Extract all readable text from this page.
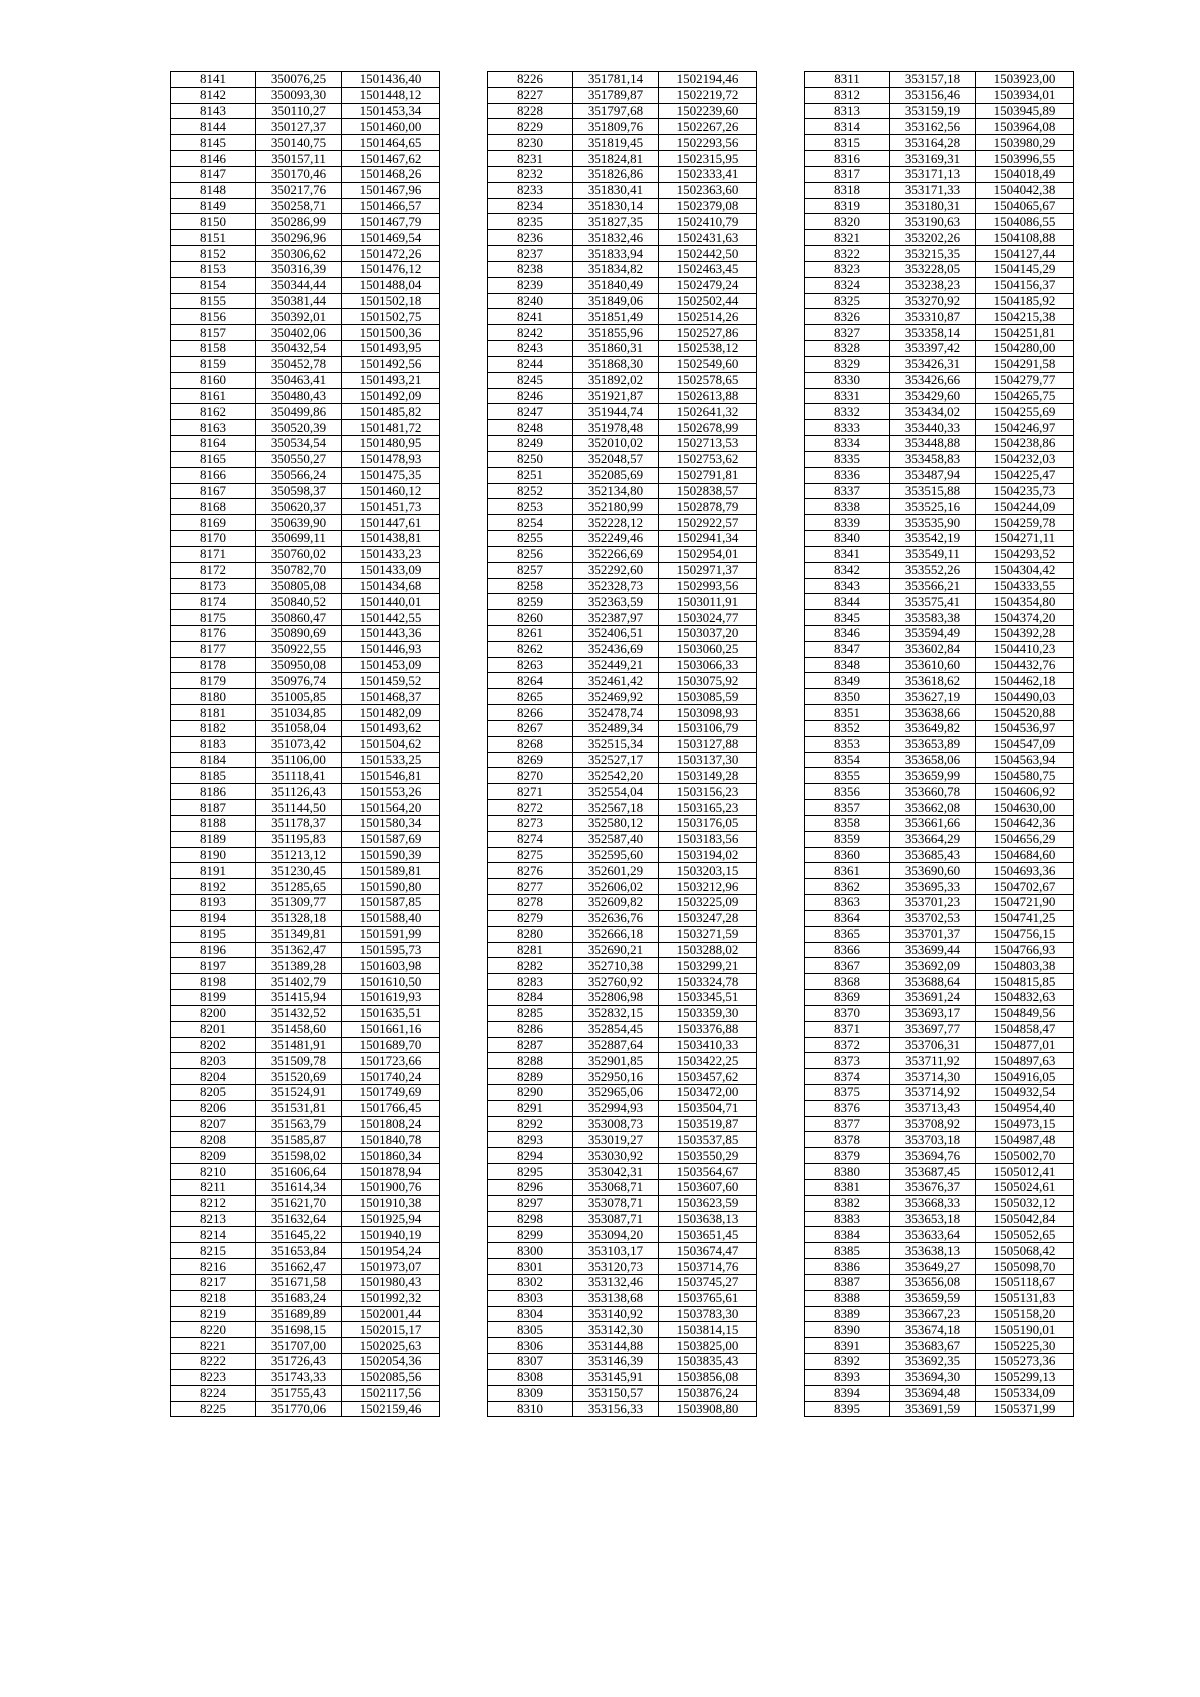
8141	350076,25	1501436,40
8142	350093,30	1501448,12
8143	350110,27	1501453,34
8144	350127,37	1501460,00
8145	350140,75	1501464,65
8146	350157,11	1501467,62
8147	350170,46	1501468,26
8148	350217,76	1501467,96
8149	350258,71	1501466,57
8150	350286,99	1501467,79
8151	350296,96	1501469,54
8152	350306,62	1501472,26
8153	350316,39	1501476,12
8154	350344,44	1501488,04
8155	350381,44	1501502,18
8156	350392,01	1501502,75
8157	350402,06	1501500,36
8158	350432,54	1501493,95
8159	350452,78	1501492,56
8160	350463,41	1501493,21
8161	350480,43	1501492,09
8162	350499,86	1501485,82
8163	350520,39	1501481,72
8164	350534,54	1501480,95
8165	350550,27	1501478,93
8166	350566,24	1501475,35
8167	350598,37	1501460,12
8168	350620,37	1501451,73
8169	350639,90	1501447,61
8170	350699,11	1501438,81
8171	350760,02	1501433,23
8172	350782,70	1501433,09
8173	350805,08	1501434,68
8174	350840,52	1501440,01
8175	350860,47	1501442,55
8176	350890,69	1501443,36
8177	350922,55	1501446,93
8178	350950,08	1501453,09
8179	350976,74	1501459,52
8180	351005,85	1501468,37
8181	351034,85	1501482,09
8182	351058,04	1501493,62
8183	351073,42	1501504,62
8184	351106,00	1501533,25
8185	351118,41	1501546,81
8186	351126,43	1501553,26
8187	351144,50	1501564,20
8188	351178,37	1501580,34
8189	351195,83	1501587,69
8190	351213,12	1501590,39
8191	351230,45	1501589,81
8192	351285,65	1501590,80
8193	351309,77	1501587,85
8194	351328,18	1501588,40
8195	351349,81	1501591,99
8196	351362,47	1501595,73
8197	351389,28	1501603,98
8198	351402,79	1501610,50
8199	351415,94	1501619,93
8200	351432,52	1501635,51
8201	351458,60	1501661,16
8202	351481,91	1501689,70
8203	351509,78	1501723,66
8204	351520,69	1501740,24
8205	351524,91	1501749,69
8206	351531,81	1501766,45
8207	351563,79	1501808,24
8208	351585,87	1501840,78
8209	351598,02	1501860,34
8210	351606,64	1501878,94
8211	351614,34	1501900,76
8212	351621,70	1501910,38
8213	351632,64	1501925,94
8214	351645,22	1501940,19
8215	351653,84	1501954,24
8216	351662,47	1501973,07
8217	351671,58	1501980,43
8218	351683,24	1501992,32
8219	351689,89	1502001,44
8220	351698,15	1502015,17
8221	351707,00	1502025,63
8222	351726,43	1502054,36
8223	351743,33	1502085,56
8224	351755,43	1502117,56
8225	351770,06	1502159,46
8226	351781,14	1502194,46
8227	351789,87	1502219,72
8228	351797,68	1502239,60
8229	351809,76	1502267,26
8230	351819,45	1502293,56
8231	351824,81	1502315,95
8232	351826,86	1502333,41
8233	351830,41	1502363,60
8234	351830,14	1502379,08
8235	351827,35	1502410,79
8236	351832,46	1502431,63
8237	351833,94	1502442,50
8238	351834,82	1502463,45
8239	351840,49	1502479,24
8240	351849,06	1502502,44
8241	351851,49	1502514,26
8242	351855,96	1502527,86
8243	351860,31	1502538,12
8244	351868,30	1502549,60
8245	351892,02	1502578,65
8246	351921,87	1502613,88
8247	351944,74	1502641,32
8248	351978,48	1502678,99
8249	352010,02	1502713,53
8250	352048,57	1502753,62
8251	352085,69	1502791,81
8252	352134,80	1502838,57
8253	352180,99	1502878,79
8254	352228,12	1502922,57
8255	352249,46	1502941,34
8256	352266,69	1502954,01
8257	352292,60	1502971,37
8258	352328,73	1502993,56
8259	352363,59	1503011,91
8260	352387,97	1503024,77
8261	352406,51	1503037,20
8262	352436,69	1503060,25
8263	352449,21	1503066,33
8264	352461,42	1503075,92
8265	352469,92	1503085,59
8266	352478,74	1503098,93
8267	352489,34	1503106,79
8268	352515,34	1503127,88
8269	352527,17	1503137,30
8270	352542,20	1503149,28
8271	352554,04	1503156,23
8272	352567,18	1503165,23
8273	352580,12	1503176,05
8274	352587,40	1503183,56
8275	352595,60	1503194,02
8276	352601,29	1503203,15
8277	352606,02	1503212,96
8278	352609,82	1503225,09
8279	352636,76	1503247,28
8280	352666,18	1503271,59
8281	352690,21	1503288,02
8282	352710,38	1503299,21
8283	352760,92	1503324,78
8284	352806,98	1503345,51
8285	352832,15	1503359,30
8286	352854,45	1503376,88
8287	352887,64	1503410,33
8288	352901,85	1503422,25
8289	352950,16	1503457,62
8290	352965,06	1503472,00
8291	352994,93	1503504,71
8292	353008,73	1503519,87
8293	353019,27	1503537,85
8294	353030,92	1503550,29
8295	353042,31	1503564,67
8296	353068,71	1503607,60
8297	353078,71	1503623,59
8298	353087,71	1503638,13
8299	353094,20	1503651,45
8300	353103,17	1503674,47
8301	353120,73	1503714,76
8302	353132,46	1503745,27
8303	353138,68	1503765,61
8304	353140,92	1503783,30
8305	353142,30	1503814,15
8306	353144,88	1503825,00
8307	353146,39	1503835,43
8308	353145,91	1503856,08
8309	353150,57	1503876,24
8310	353156,33	1503908,80
8311	353157,18	1503923,00
8312	353156,46	1503934,01
8313	353159,19	1503945,89
8314	353162,56	1503964,08
8315	353164,28	1503980,29
8316	353169,31	1503996,55
8317	353171,13	1504018,49
8318	353171,33	1504042,38
8319	353180,31	1504065,67
8320	353190,63	1504086,55
8321	353202,26	1504108,88
8322	353215,35	1504127,44
8323	353228,05	1504145,29
8324	353238,23	1504156,37
8325	353270,92	1504185,92
8326	353310,87	1504215,38
8327	353358,14	1504251,81
8328	353397,42	1504280,00
8329	353426,31	1504291,58
8330	353426,66	1504279,77
8331	353429,60	1504265,75
8332	353434,02	1504255,69
8333	353440,33	1504246,97
8334	353448,88	1504238,86
8335	353458,83	1504232,03
8336	353487,94	1504225,47
8337	353515,88	1504235,73
8338	353525,16	1504244,09
8339	353535,90	1504259,78
8340	353542,19	1504271,11
8341	353549,11	1504293,52
8342	353552,26	1504304,42
8343	353566,21	1504333,55
8344	353575,41	1504354,80
8345	353583,38	1504374,20
8346	353594,49	1504392,28
8347	353602,84	1504410,23
8348	353610,60	1504432,76
8349	353618,62	1504462,18
8350	353627,19	1504490,03
8351	353638,66	1504520,88
8352	353649,82	1504536,97
8353	353653,89	1504547,09
8354	353658,06	1504563,94
8355	353659,99	1504580,75
8356	353660,78	1504606,92
8357	353662,08	1504630,00
8358	353661,66	1504642,36
8359	353664,29	1504656,29
8360	353685,43	1504684,60
8361	353690,60	1504693,36
8362	353695,33	1504702,67
8363	353701,23	1504721,90
8364	353702,53	1504741,25
8365	353701,37	1504756,15
8366	353699,44	1504766,93
8367	353692,09	1504803,38
8368	353688,64	1504815,85
8369	353691,24	1504832,63
8370	353693,17	1504849,56
8371	353697,77	1504858,47
8372	353706,31	1504877,01
8373	353711,92	1504897,63
8374	353714,30	1504916,05
8375	353714,92	1504932,54
8376	353713,43	1504954,40
8377	353708,92	1504973,15
8378	353703,18	1504987,48
8379	353694,76	1505002,70
8380	353687,45	1505012,41
8381	353676,37	1505024,61
8382	353668,33	1505032,12
8383	353653,18	1505042,84
8384	353633,64	1505052,65
8385	353638,13	1505068,42
8386	353649,27	1505098,70
8387	353656,08	1505118,67
8388	353659,59	1505131,83
8389	353667,23	1505158,20
8390	353674,18	1505190,01
8391	353683,67	1505225,30
8392	353692,35	1505273,36
8393	353694,30	1505299,13
8394	353694,48	1505334,09
8395	353691,59	1505371,99
